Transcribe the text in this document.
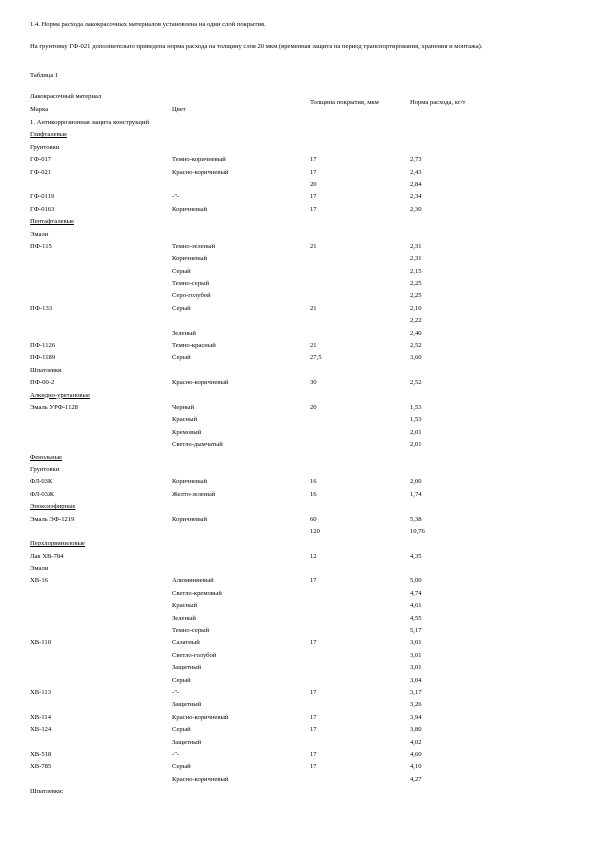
1.4. Норма расхода лакокрасочных материалов установлена на один слой покрытия.
На грунтовку ГФ-021 дополнительно приведена норма расхода на толщину слоя 20 мкм (временная защита на период транспортирования, хранения и монтажа).
Таблица 1
Лакокрасочный материал
Марка	Цвет
Толщина покрытия, мкм	Норма расхода, кг/т
1. Антикоррозионная защита конструкций
Глифталевые
Грунтовки
ГФ-017	Темно-коричневый	17	2,73
ГФ-021	Красно-коричневый	17	2,43
20	2,84
ГФ-0119	-"-	17	2,34
ГФ-0163	Коричневый	17	2,30
Пентафталевые
Эмали
ПФ-115	Темно-зеленый	21	2,31
Коричневый	2,31
Серый	2,15
Темно-серый	2,25
Серо-голубой	2,25
ПФ-133	Серый	21	2,10
2,22
Зеленый	2,40
ПФ-1126	Темно-красный	21	2,52
ПФ-1189	Серый	27,5	3,60
Шпатлевки
ПФ-00-2	Красно-коричневый	30	2,52
Алкидно-уретановые
Эмаль УРФ-1128	Черный	20	1,53
Красный	1,53
Кремовый	2,01
Светло-дымчатый	2,01
Фенольные
Грунтовки
ФЛ-03К	Коричневый	16	2,00
ФЛ-03Ж	Желто-зеленый	16	1,74
Эпоксиэфирные
Эмаль ЭФ-1219	Коричневый	60	5,38
120	10,76
Перхлорвиниловые
Лак ХВ-784	12	4,35
Эмали
ХВ-16	Алюминиевый	17	5,00
Светло-кремовый	4,74
Красный	4,61
Зеленый	4,55
Темно-серый	5,17
ХВ-110	Салатный	17	3,01
Светло-голубой	3,01
Защитный	3,01
Серый	3,04
ХВ-113	-"-	17	3,17
Защитный	3,26
ХВ-114	Красно-коричневый	17	3,94
ХВ-124	Серый	17	3,80
Защитный	4,02
ХВ-518	-"-	17	4,60
ХВ-785	Серый	17	4,10
Красно-коричневый	4,27
Шпатлевки:
